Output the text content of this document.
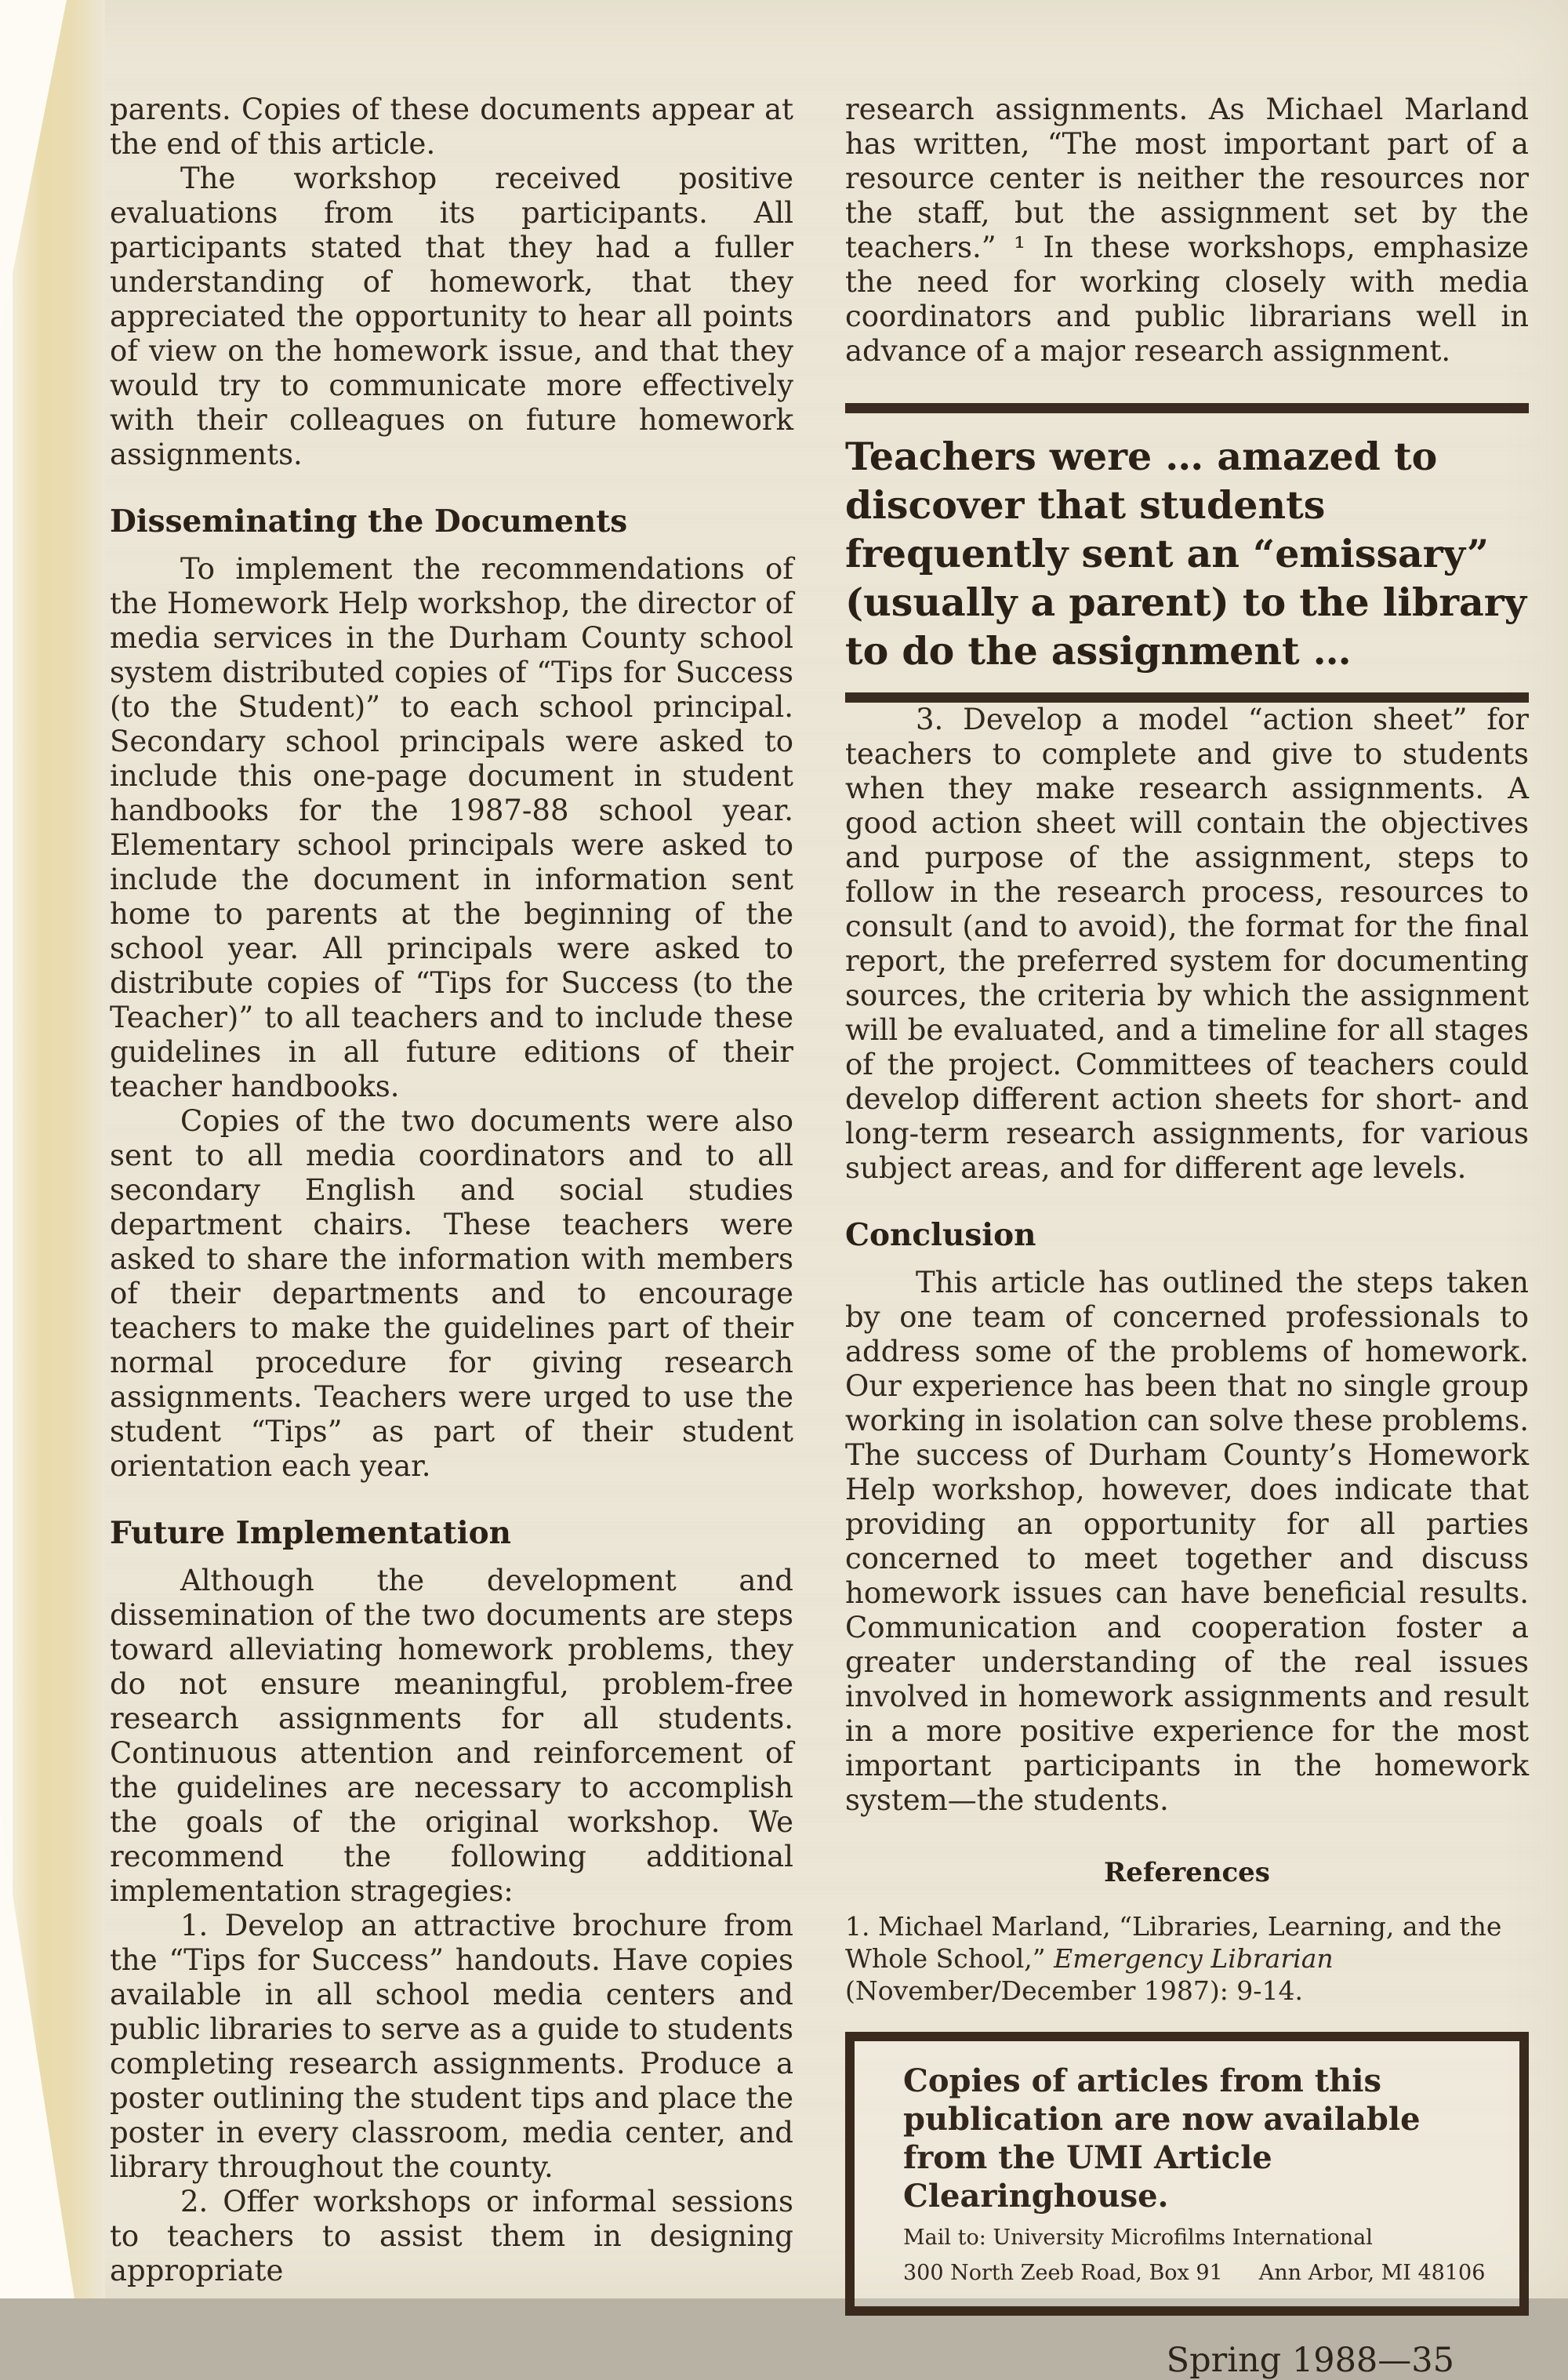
parents. Copies of these documents appear at the end of this article.

The workshop received positive evaluations from its participants. All participants stated that they had a fuller understanding of homework, that they appreciated the opportunity to hear all points of view on the homework issue, and that they would try to communicate more effectively with their colleagues on future homework assignments.

Disseminating the Documents

To implement the recommendations of the Homework Help workshop, the director of media services in the Durham County school system distributed copies of “Tips for Success (to the Student)” to each school principal. Secondary school principals were asked to include this one-page document in student handbooks for the 1987-88 school year. Elementary school principals were asked to include the document in information sent home to parents at the beginning of the school year. All principals were asked to distribute copies of “Tips for Success (to the Teacher)” to all teachers and to include these guidelines in all future editions of their teacher handbooks.

Copies of the two documents were also sent to all media coordinators and to all secondary English and social studies department chairs. These teachers were asked to share the information with members of their departments and to encourage teachers to make the guidelines part of their normal procedure for giving research assignments. Teachers were urged to use the student “Tips” as part of their student orientation each year.

Future Implementation

Although the development and dissemination of the two documents are steps toward alleviating homework problems, they do not ensure meaningful, problem-free research assignments for all students. Continuous attention and reinforcement of the guidelines are necessary to accomplish the goals of the original workshop. We recommend the following additional implementation stragegies:

1. Develop an attractive brochure from the “Tips for Success” handouts. Have copies available in all school media centers and public libraries to serve as a guide to students completing research assignments. Produce a poster outlining the student tips and place the poster in every classroom, media center, and library throughout the county.

2. Offer workshops or informal sessions to teachers to assist them in designing appropriate

research assignments. As Michael Marland has written, “The most important part of a resource center is neither the resources nor the staff, but the assignment set by the teachers.” ¹ In these workshops, emphasize the need for working closely with media coordinators and public librarians well in advance of a major research assignment.

Teachers were … amazed to discover that students frequently sent an “emissary” (usually a parent) to the library to do the assignment …

3. Develop a model “action sheet” for teachers to complete and give to students when they make research assignments. A good action sheet will contain the objectives and purpose of the assignment, steps to follow in the research process, resources to consult (and to avoid), the format for the final report, the preferred system for documenting sources, the criteria by which the assignment will be evaluated, and a timeline for all stages of the project. Committees of teachers could develop different action sheets for short- and long-term research assignments, for various subject areas, and for different age levels.

Conclusion

This article has outlined the steps taken by one team of concerned professionals to address some of the problems of homework. Our experience has been that no single group working in isolation can solve these problems. The success of Durham County’s Homework Help workshop, however, does indicate that providing an opportunity for all parties concerned to meet together and discuss homework issues can have beneficial results. Communication and cooperation foster a greater understanding of the real issues involved in homework assignments and result in a more positive experience for the most important participants in the homework system—the students.

References

1. Michael Marland, “Libraries, Learning, and the Whole School,” Emergency Librarian (November/December 1987): 9-14.

Copies of articles from this publication are now available from the UMI Article Clearinghouse.
Mail to: University Microfilms International
300 North Zeeb Road, Box 91 Ann Arbor, MI 48106
Spring 1988—35
